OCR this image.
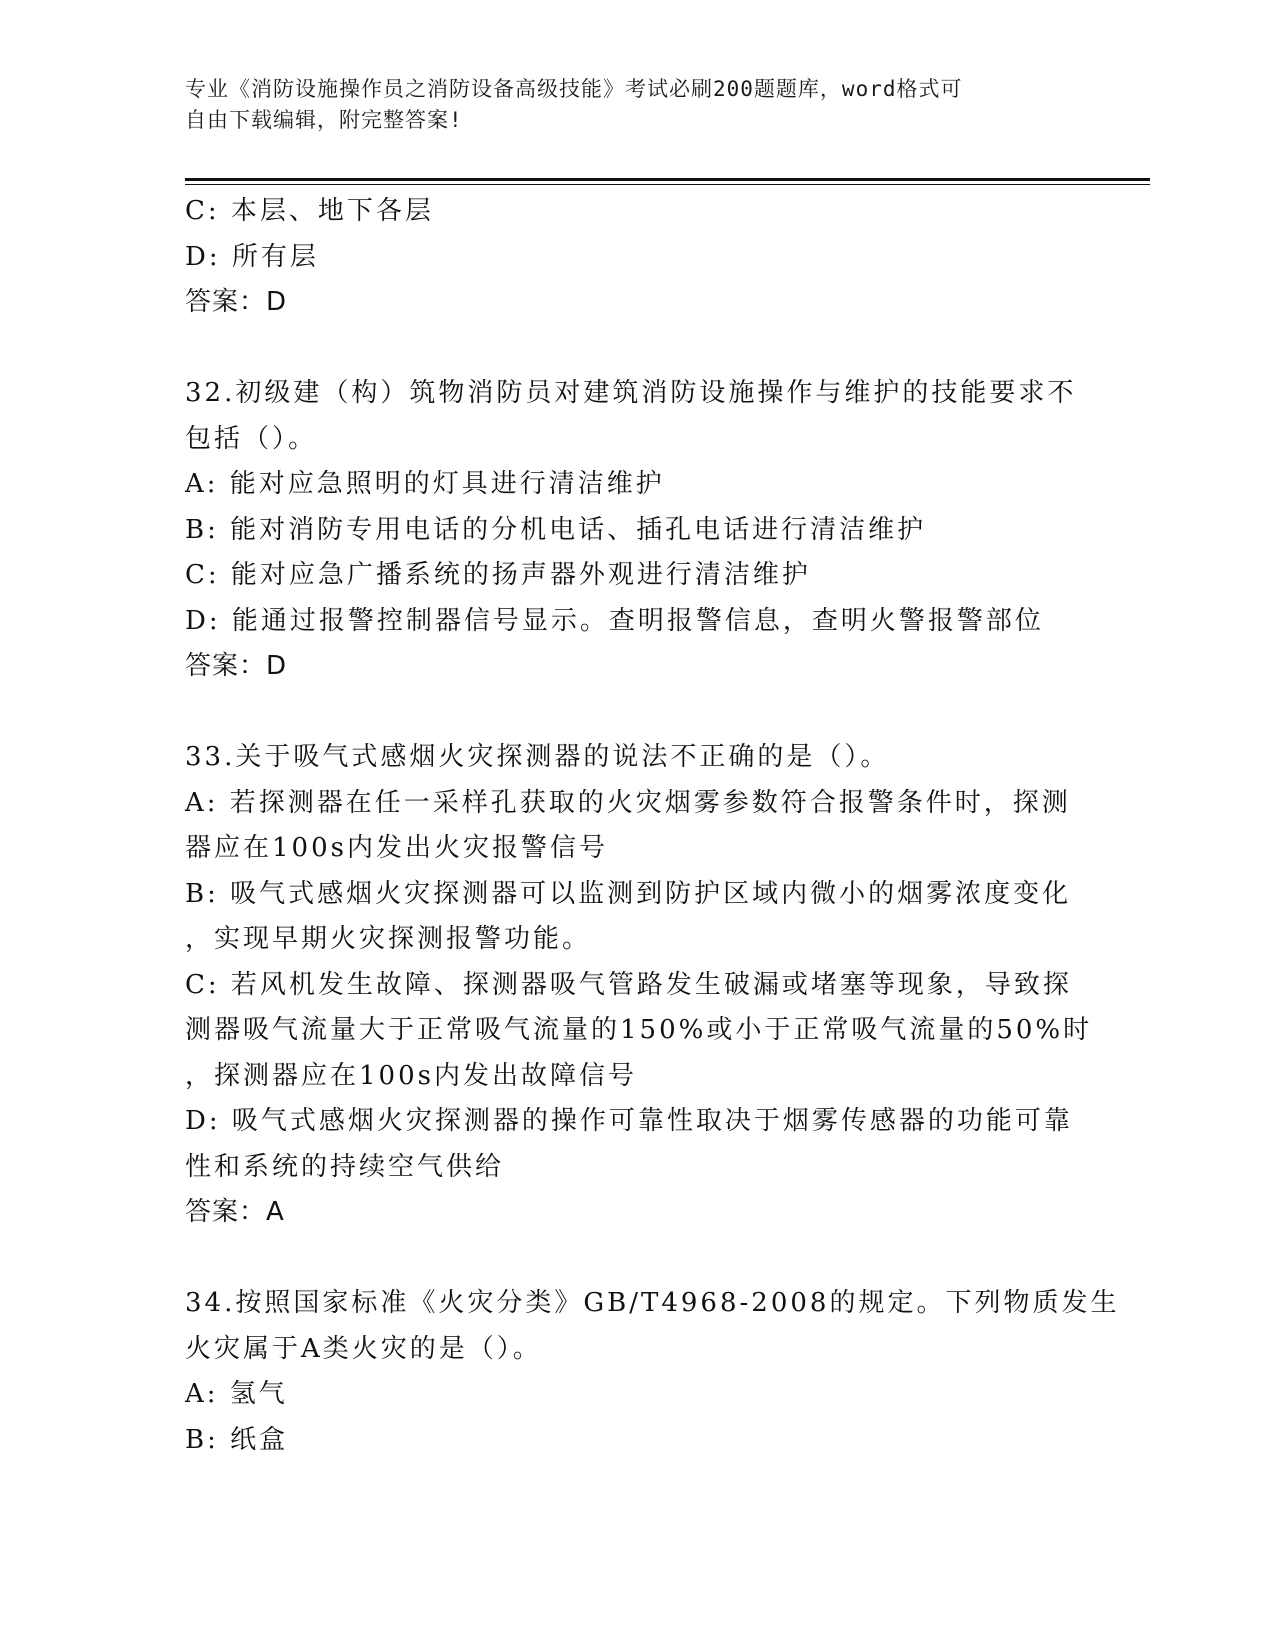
专业《消防设施操作员之消防设备高级技能》考试必刷200题题库，word格式可
自由下载编辑，附完整答案!
C: 本层、地下各层
D: 所有层
答案：D
32.初级建（构）筑物消防员对建筑消防设施操作与维护的技能要求不
包括（）。
A: 能对应急照明的灯具进行清洁维护
B: 能对消防专用电话的分机电话、插孔电话进行清洁维护
C: 能对应急广播系统的扬声器外观进行清洁维护
D: 能通过报警控制器信号显示。查明报警信息，查明火警报警部位
答案：D
33.关于吸气式感烟火灾探测器的说法不正确的是（）。
A: 若探测器在任一采样孔获取的火灾烟雾参数符合报警条件时，探测
器应在100s内发出火灾报警信号
B: 吸气式感烟火灾探测器可以监测到防护区域内微小的烟雾浓度变化
，实现早期火灾探测报警功能。
C: 若风机发生故障、探测器吸气管路发生破漏或堵塞等现象，导致探
测器吸气流量大于正常吸气流量的150%或小于正常吸气流量的50%时
，探测器应在100s内发出故障信号
D: 吸气式感烟火灾探测器的操作可靠性取决于烟雾传感器的功能可靠
性和系统的持续空气供给
答案：A
34.按照国家标准《火灾分类》GB/T4968-2008的规定。下列物质发生
火灾属于A类火灾的是（）。
A: 氢气
B: 纸盒
